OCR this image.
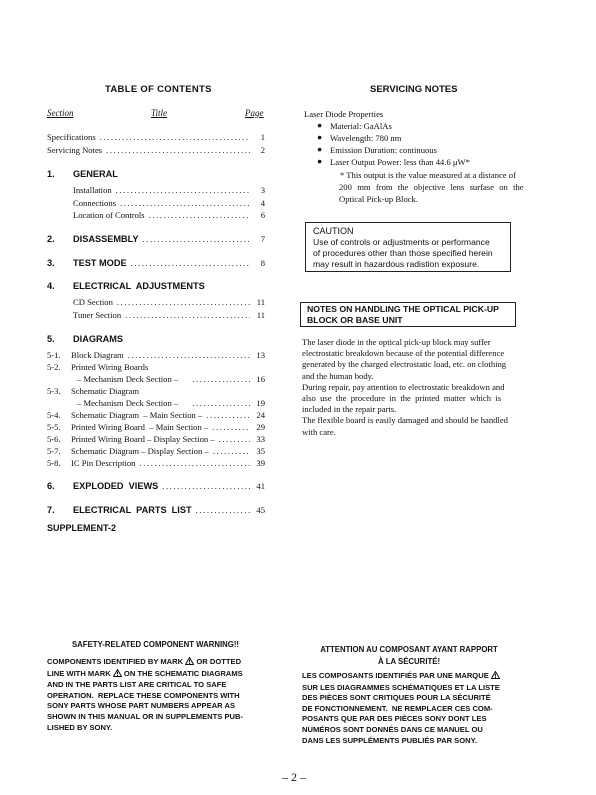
TABLE OF CONTENTS
Section	Title	Page
Specifications .....	1
Servicing Notes .....	2
1.	GENERAL
Installation .....	3
Connections .....	4
Location of Controls .....	6
2.	DISASSEMBLY .....	7
3.	TEST MODE .....	8
4.	ELECTRICAL  ADJUSTMENTS
CD Section .....	11
Tuner Section .....	11
5.	DIAGRAMS
5-1.	Block Diagram .....	13
5-2.	Printed Wiring Boards
– Mechanism Deck Section – .....	16
5-3.	Schematic Diagram
– Mechanism Deck Section – .....	19
5-4.	Schematic Diagram  – Main Section – .....	24
5-5.	Printed Wiring Board  – Main Section – .....	29
5-6.	Printed Wiring Board – Display Section – .....	33
5-7.	Schematic Diagram – Display Section – .....	35
5-8.	IC Pin Description .....	39
6.	EXPLODED  VIEWS .....	41
7.	ELECTRICAL  PARTS  LIST .....	45
SUPPLEMENT-2
SERVICING NOTES
Laser Diode Properties
● Material: GaAlAs
● Wavelength: 780 nm
● Emission Duration: continuous
● Laser Output Power: less than 44.6 μW*
* This output is the value measured at a distance of
200  mm  from  the  objective  lens  surfase  on  the
Optical Pick-up Block.
CAUTION
Use of controls or adjustments or performance
of procedures other than those specified herein
may result in hazardous radistion exposure.
NOTES ON HANDLING THE OPTICAL PICK-UP
BLOCK OR BASE UNIT
The laser diode in the optical pick-up block may suffer
electrostatic breakdown because of the potential difference
generated by the charged electrostatic load, etc. on clothing
and the human body.
During repair, pay attention to electrostatic breakdown and
also  use  the  procedure  in  the  printed  matter  which  is
included in the repair parts.
The flexible board is easily damaged and should be handled
with care.
SAFETY-RELATED COMPONENT WARNING!!
COMPONENTS IDENTIFIED BY MARK  OR DOTTED
LINE WITH MARK  ON THE SCHEMATIC DIAGRAMS
AND IN THE PARTS LIST ARE CRITICAL TO SAFE
OPERATION.  REPLACE THESE COMPONENTS WITH
SONY PARTS WHOSE PART NUMBERS APPEAR AS
SHOWN IN THIS MANUAL OR IN SUPPLEMENTS PUB-
LISHED BY SONY.
ATTENTION AU COMPOSANT AYANT RAPPORT
À LA SÉCURITÉ!
LES COMPOSANTS IDENTIFIÉS PAR UNE MARQUE
SUR LES DIAGRAMMES SCHÉMATIQUES ET LA LISTE
DES PIÈCES SONT CRITIQUES POUR LA SÉCURITÉ
DE FONCTIONNEMENT.  NE REMPLACER CES COM-
POSANTS QUE PAR DES PIÈCES SONY DONT LES
NUMÉROS SONT DONNÉS DANS CE MANUEL OU
DANS LES SUPPLÉMENTS PUBLIÉS PAR SONY.
– 2 –
